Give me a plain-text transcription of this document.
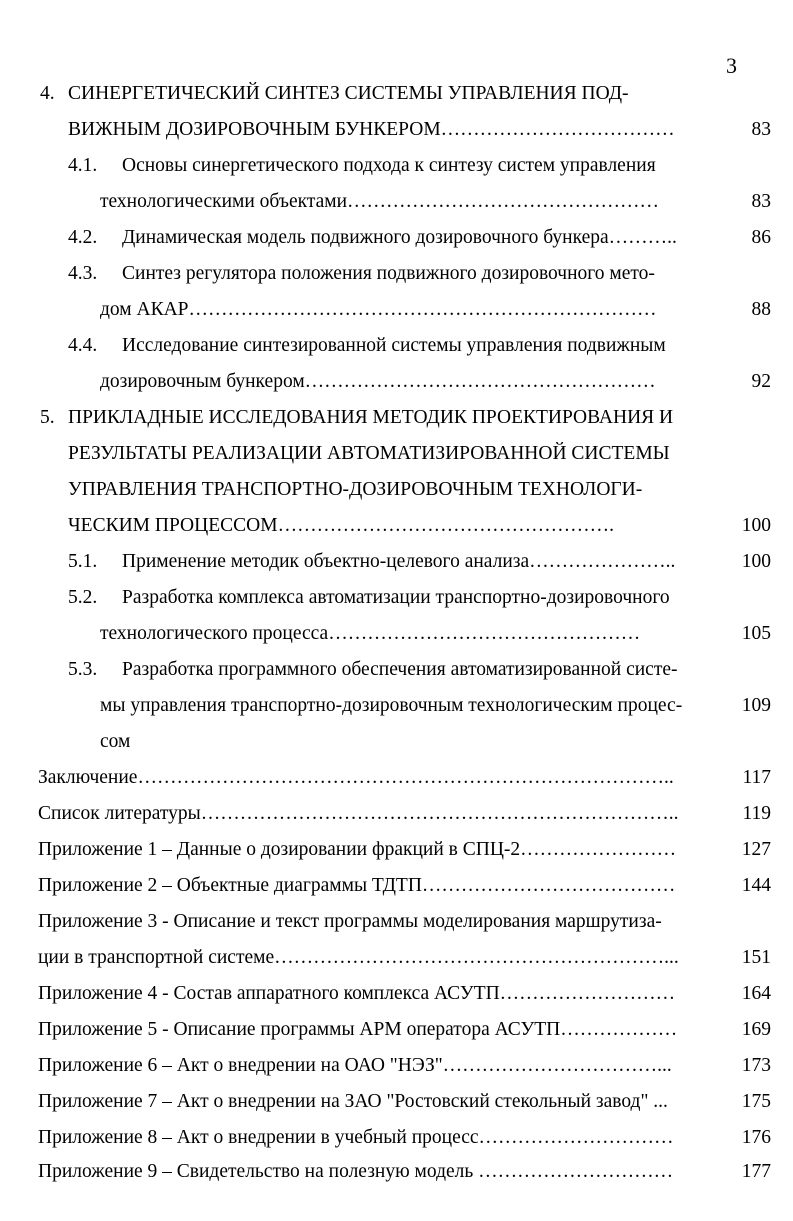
3
4. СИНЕРГЕТИЧЕСКИЙ СИНТЕЗ СИСТЕМЫ УПРАВЛЕНИЯ ПОД-
ВИЖНЫМ ДОЗИРОВОЧНЫМ БУНКЕРОМ………………………………	83
4.1. Основы синергетического подхода к синтезу систем управления
технологическими объектами…………………………………………	83
4.2. Динамическая модель подвижного дозировочного бункера………..	86
4.3. Синтез регулятора положения подвижного дозировочного мето-
дом АКАР………………………………………………………………	88
4.4. Исследование синтезированной системы управления подвижным
дозировочным бункером………………………………………………	92
5. ПРИКЛАДНЫЕ ИССЛЕДОВАНИЯ МЕТОДИК ПРОЕКТИРОВАНИЯ И
РЕЗУЛЬТАТЫ РЕАЛИЗАЦИИ АВТОМАТИЗИРОВАННОЙ СИСТЕМЫ
УПРАВЛЕНИЯ ТРАНСПОРТНО-ДОЗИРОВОЧНЫМ ТЕХНОЛОГИ-
ЧЕСКИМ ПРОЦЕССОМ…………………………………………….	100
5.1. Применение методик объектно-целевого анализа…………………..	100
5.2. Разработка комплекса автоматизации транспортно-дозировочного
технологического процесса…………………………………………	105
5.3. Разработка программного обеспечения автоматизированной систе-
мы управления транспортно-дозировочным технологическим процес-	109
сом
Заключение………………………………………………………………………..	117
Список литературы………………………………………………………………..	119
Приложение 1 – Данные о дозировании фракций в СПЦ-2……………………	127
Приложение 2 – Объектные диаграммы ТДТП…………………………………	144
Приложение 3 - Описание и текст программы моделирования маршрутиза-
ции в транспортной системе……………………………………………………...	151
Приложение 4 - Состав аппаратного комплекса АСУТП………………………	164
Приложение 5 - Описание программы АРМ оператора АСУТП………………	169
Приложение 6 – Акт о внедрении на ОАО "НЭЗ"……………………………...	173
Приложение 7 – Акт о внедрении на ЗАО "Ростовский стекольный завод" ...	175
Приложение 8 – Акт о внедрении в учебный процесс…………………………	176
Приложение 9 – Свидетельство на полезную модель …………………………	177
